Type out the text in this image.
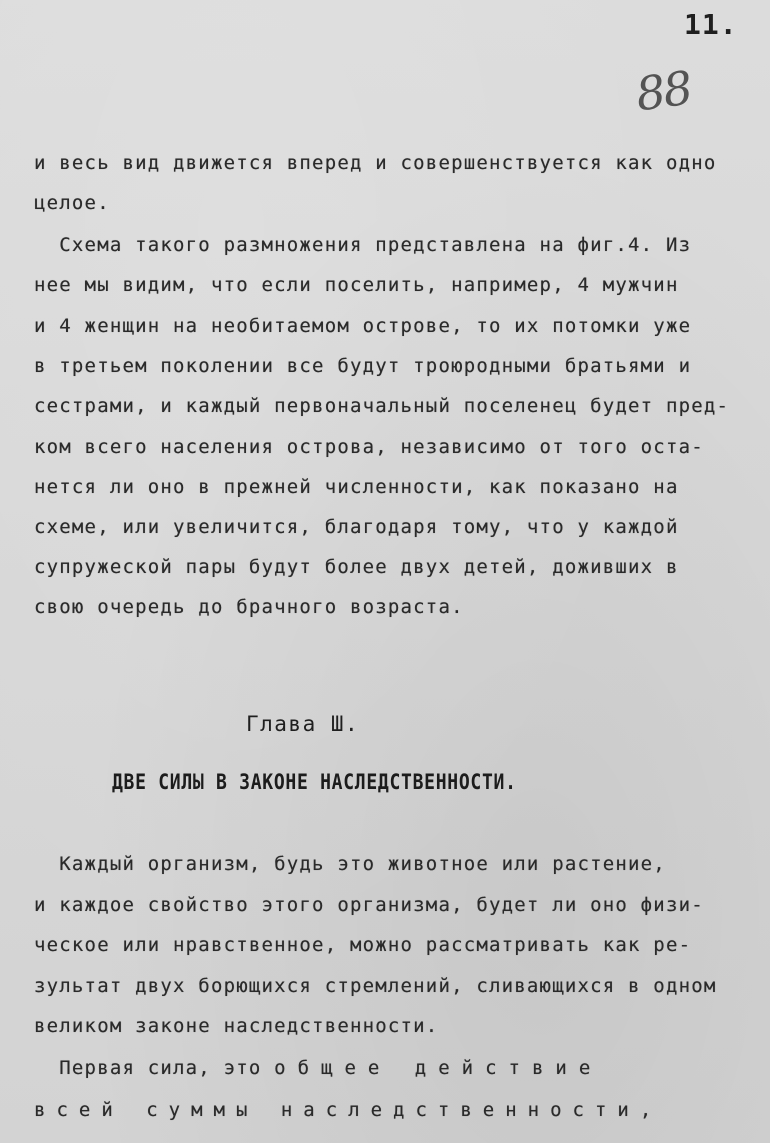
11.
88
и весь вид движется вперед и совершенствуется как одно
целое.
Схема такого размножения представлена на фиг.4. Из
нее мы видим, что если поселить, например, 4 мужчин
и 4 женщин на необитаемом острове, то их потомки уже
в третьем поколении все будут троюродными братьями и
сестрами, и каждый первоначальный поселенец будет пред-
ком всего населения острова, независимо от того оста-
нется ли оно в прежней численности, как показано на
схеме, или увеличится, благодаря тому, что у каждой
супружеской пары будут более двух детей, доживших в
свою очередь до брачного возраста.
Глава Ш.
ДВЕ СИЛЫ В ЗАКОНЕ НАСЛЕДСТВЕННОСТИ.
Каждый организм, будь это животное или растение,
и каждое свойство этого организма, будет ли оно физи-
ческое или нравственное, можно рассматривать как ре-
зультат двух борющихся стремлений, сливающихся в одном
великом законе наследственности.
Первая сила, это общее действие
всей суммы наследственности,
